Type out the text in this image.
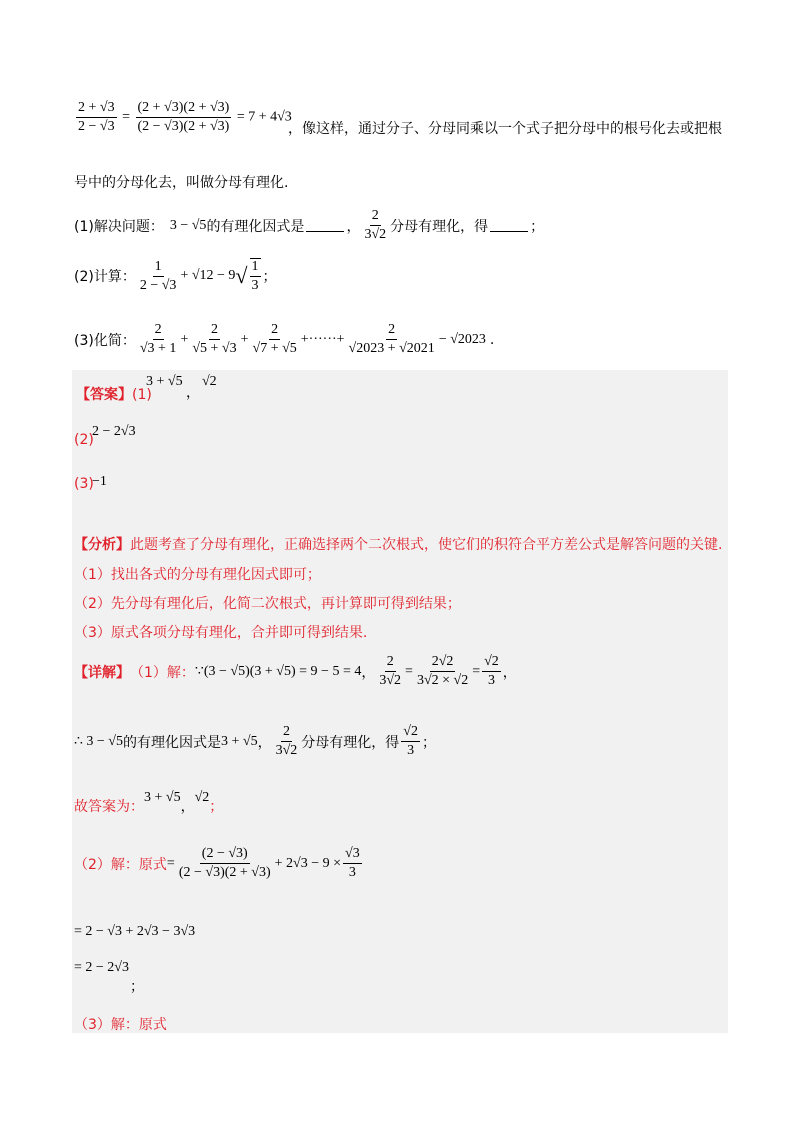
$\frac{2 + √3}{2 - √3} = \frac{(2 + √3)(2 + √3)}{(2 - √3)(2 + √3)} = 7 + 4√3$
，像这样，通过分子、分母同乘以一个式子把分母中的根号化去或把根
号中的分母化去，叫做分母有理化.
(1)解决问题： 3 − √5 的有理化因式是	， $\frac{2}{3√2}$ 分母有理化，得	；
(2)计算： $\frac{1}{2 - √3} + √12 - 9$ √ $\frac{1}{3}$ ；
(3)化简： $\frac{2}{√3 + 1} + \frac{2}{√5 + √3} + \frac{2}{√7 + √5}$ +······+ $\frac{2}{√2023 + √2021} - √2023$ .
【答案】(1)
3 + √5
，
√2
(2)
2 − 2√3
(3)
−1
【分析】此题考查了分母有理化，正确选择两个二次根式，使它们的积符合平方差公式是解答问题的关键.
（1）找出各式的分母有理化因式即可；
（2）先分母有理化后，化简二次根式，再计算即可得到结果；
（3）原式各项分母有理化，合并即可得到结果.
【详解】 （1）解： ∵ (3 − √5)(3 + √5) = 9 − 5 = 4 ， $\frac{2}{3√2} = \frac{2√2}{3√2 \times √2} = \frac{√2}{3}$ ，
∴ 3 − √5 的有理化因式是 3 + √5 ， $\frac{2}{3√2}$ 分母有理化，得 $\frac{√2}{3}$ ；
故答案为：
3 + √5
，
√2
；
（2）解：原式 = $\frac{(2 - √3)}{(2 - √3)(2 + √3)} + 2√3 - 9 \times \frac{√3}{3}$
= 2 − √3 + 2√3 − 3√3
= 2 − 2√3
；
（3）解：原式
